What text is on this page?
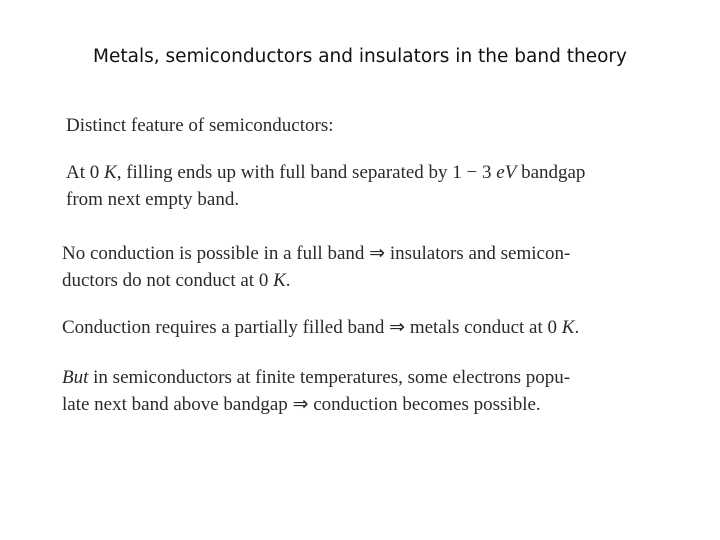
Metals, semiconductors and insulators in the band theory
Distinct feature of semiconductors:
At 0 K, filling ends up with full band separated by 1 − 3 eV bandgap
from next empty band.
No conduction is possible in a full band ⇒ insulators and semicon-
ductors do not conduct at 0 K.
Conduction requires a partially filled band ⇒ metals conduct at 0 K.
But in semiconductors at finite temperatures, some electrons popu-
late next band above bandgap ⇒ conduction becomes possible.
